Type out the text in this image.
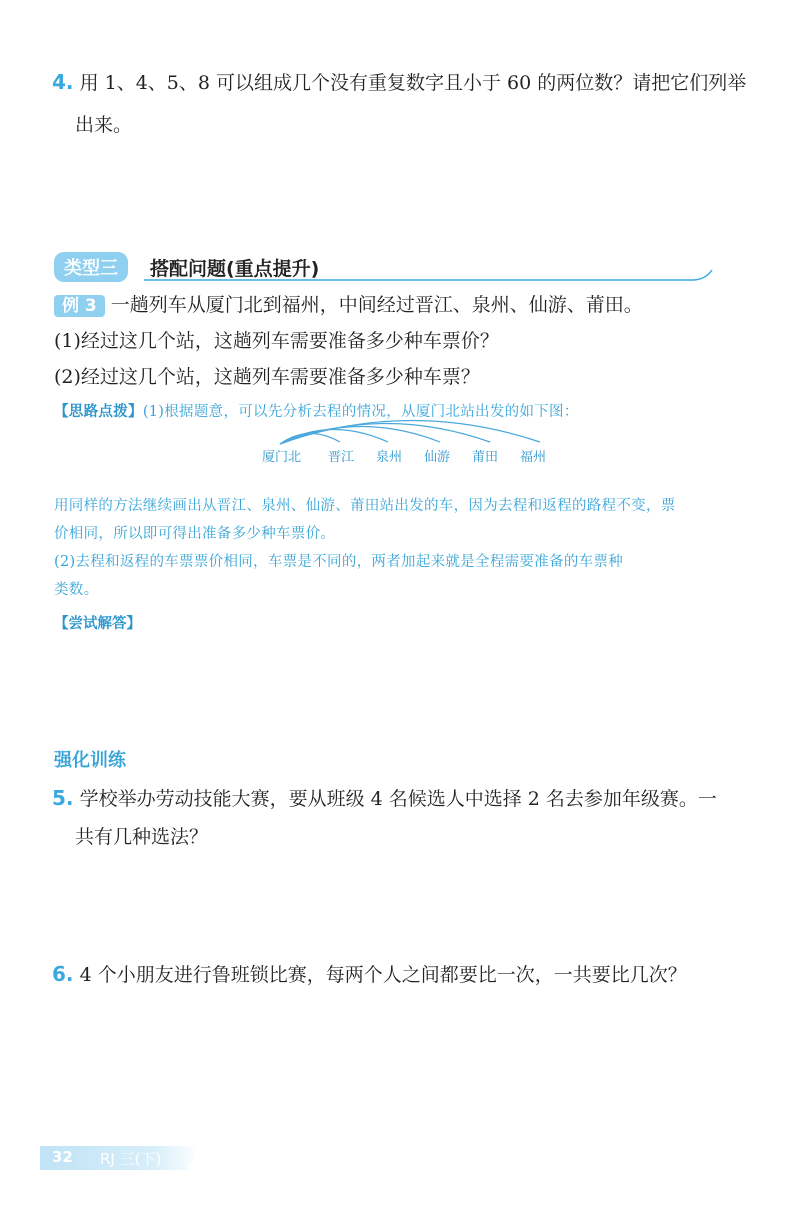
4. 用 1、4、5、8 可以组成几个没有重复数字且小于 60 的两位数？请把它们列举
出来。
类型三	搭配问题(重点提升)
例 3 一趟列车从厦门北到福州，中间经过晋江、泉州、仙游、莆田。
(1)经过这几个站，这趟列车需要准备多少种车票价？
(2)经过这几个站，这趟列车需要准备多少种车票？
【思路点拨】(1)根据题意，可以先分析去程的情况，从厦门北站出发的如下图：
厦门北 晋江 泉州 仙游 莆田 福州
用同样的方法继续画出从晋江、泉州、仙游、莆田站出发的车，因为去程和返程的路程不变，票
价相同，所以即可得出准备多少种车票价。
(2)去程和返程的车票票价相同，车票是不同的，两者加起来就是全程需要准备的车票种
类数。
【尝试解答】
强化训练
5. 学校举办劳动技能大赛，要从班级 4 名候选人中选择 2 名去参加年级赛。一
共有几种选法？
6. 4 个小朋友进行鲁班锁比赛，每两个人之间都要比一次，一共要比几次？
32 RJ 三(下)
